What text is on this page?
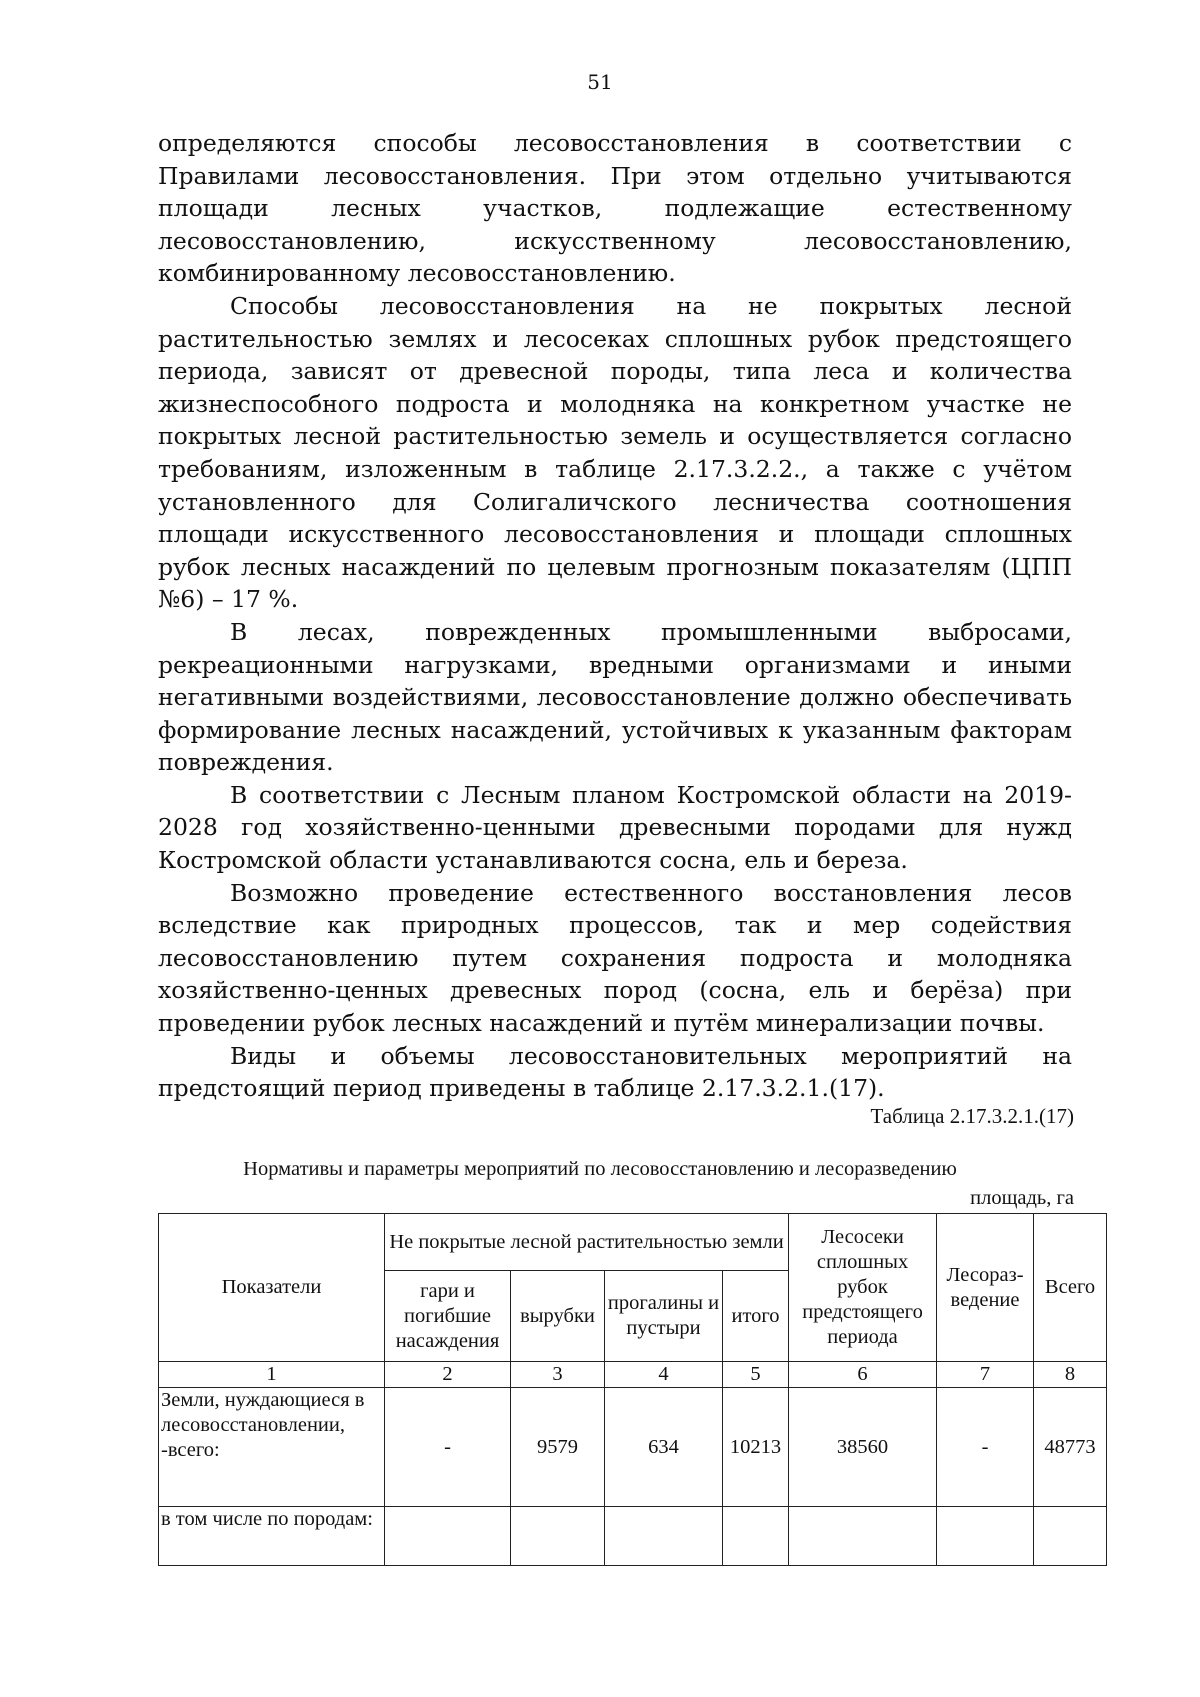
51

определяются способы лесовосстановления в соответствии с Правилами лесовосстановления. При этом отдельно учитываются площади лесных участков, подлежащие естественному лесовосстановлению, искусственному лесовосстановлению, комбинированному лесовосстановлению.

Способы лесовосстановления на не покрытых лесной растительностью землях и лесосеках сплошных рубок предстоящего периода, зависят от древесной породы, типа леса и количества жизнеспособного подроста и молодняка на конкретном участке не покрытых лесной растительностью земель и осуществляется согласно требованиям, изложенным в таблице 2.17.3.2.2., а также с учётом установленного для Солигаличского лесничества соотношения площади искусственного лесовосстановления и площади сплошных рубок лесных насаждений по целевым прогнозным показателям (ЦПП №6) – 17 %.

В лесах, поврежденных промышленными выбросами, рекреационными нагрузками, вредными организмами и иными негативными воздействиями, лесовосстановление должно обеспечивать формирование лесных насаждений, устойчивых к указанным факторам повреждения.

В соответствии с Лесным планом Костромской области на 2019-2028 год хозяйственно-ценными древесными породами для нужд Костромской области устанавливаются сосна, ель и береза.

Возможно проведение естественного восстановления лесов вследствие как природных процессов, так и мер содействия лесовосстановлению путем сохранения подроста и молодняка хозяйственно-ценных древесных пород (сосна, ель и берёза) при проведении рубок лесных насаждений и путём минерализации почвы.

Виды и объемы лесовосстановительных мероприятий на предстоящий период приведены в таблице 2.17.3.2.1.(17).

Таблица 2.17.3.2.1.(17)
Нормативы и параметры мероприятий по лесовосстановлению и лесоразведению
площадь, га
Показатели	Не покрытые лесной растительностью земли				Лесосеки сплошных рубок предстоящего периода	Лесораз-ведение	Всего
	гари и погибшие насаждения	вырубки	прогалины и пустыри	итого			
1	2	3	4	5	6	7	8
Земли, нуждающиеся в лесовосстановлении, -всего:	-	9579	634	10213	38560	-	48773
в том числе по породам:							
